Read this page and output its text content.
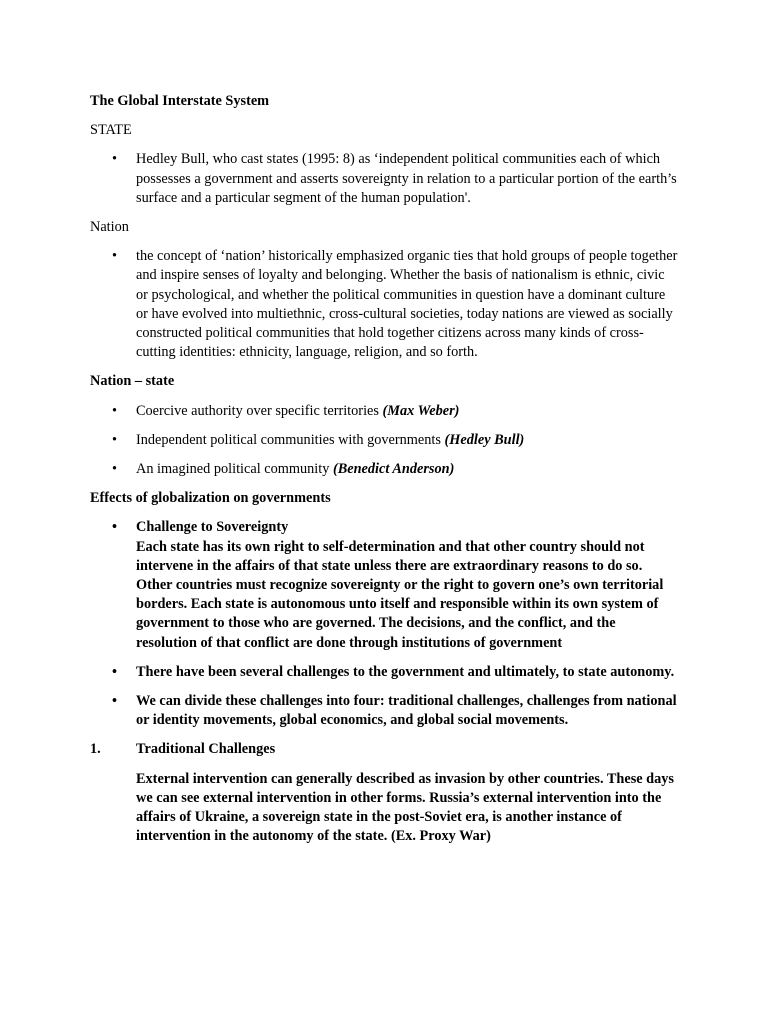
The Global Interstate System

STATE

• Hedley Bull, who cast states (1995: 8) as ‘independent political communities each of which possesses a government and asserts sovereignty in relation to a particular portion of the earth’s surface and a particular segment of the human population'.

Nation

• the concept of ‘nation’ historically emphasized organic ties that hold groups of people together and inspire senses of loyalty and belonging. Whether the basis of nationalism is ethnic, civic or psychological, and whether the political communities in question have a dominant culture or have evolved into multiethnic, cross-cultural societies, today nations are viewed as socially constructed political communities that hold together citizens across many kinds of cross-cutting identities: ethnicity, language, religion, and so forth.

Nation – state

• Coercive authority over specific territories (Max Weber)
• Independent political communities with governments (Hedley Bull)
• An imagined political community (Benedict Anderson)

Effects of globalization on governments

• Challenge to Sovereignty
Each state has its own right to self-determination and that other country should not intervene in the affairs of that state unless there are extraordinary reasons to do so. Other countries must recognize sovereignty or the right to govern one’s own territorial borders. Each state is autonomous unto itself and responsible within its own system of government to those who are governed. The decisions, and the conflict, and the resolution of that conflict are done through institutions of government
• There have been several challenges to the government and ultimately, to state autonomy.
• We can divide these challenges into four: traditional challenges, challenges from national or identity movements, global economics, and global social movements.
1. Traditional Challenges
External intervention can generally described as invasion by other countries. These days we can see external intervention in other forms. Russia’s external intervention into the affairs of Ukraine, a sovereign state in the post-Soviet era, is another instance of intervention in the autonomy of the state. (Ex. Proxy War)
